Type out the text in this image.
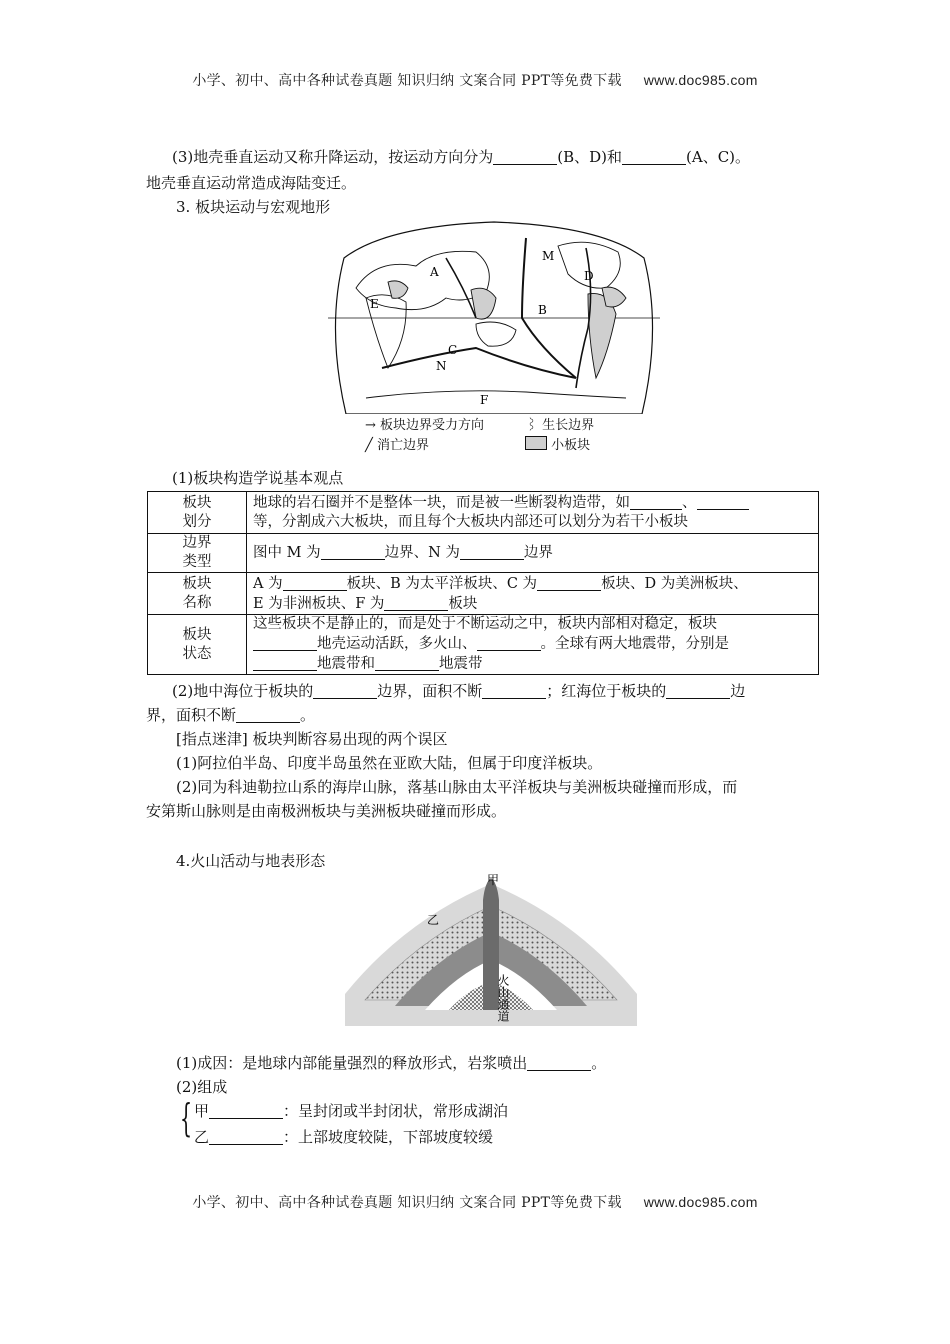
小学、初中、高中各种试卷真题 知识归纳 文案合同 PPT等免费下载 www.doc985.com
(3)地壳垂直运动又称升降运动，按运动方向分为	(B、D)和	(A、C)。
地壳垂直运动常造成海陆变迁。
3. 板块运动与宏观地形
A
B
C
D
E
F
M
N
→ 板块边界受力方向	⌇ 生长边界
╱ 消亡边界	小板块
(1)板块构造学说基本观点
板块
划分	地球的岩石圈并不是整体一块，而是被一些断裂构造带，如 、
等，分割成六大板块，而且每个大板块内部还可以划分为若干小板块
边界
类型	图中 M 为 边界、N 为 边界
板块
名称	A 为 板块、B 为太平洋板块、C 为 板块、D 为美洲板块、
E 为非洲板块、F 为 板块
板块
状态	这些板块不是静止的，而是处于不断运动之中，板块内部相对稳定，板块
地壳运动活跃，多火山、 。全球有两大地震带，分别是
地震带和 地震带
(2)地中海位于板块的	边界，面积不断	；红海位于板块的	边
界，面积不断	。
[指点迷津] 板块判断容易出现的两个误区
(1)阿拉伯半岛、印度半岛虽然在亚欧大陆，但属于印度洋板块。
(2)同为科迪勒拉山系的海岸山脉，落基山脉由太平洋板块与美洲板块碰撞而形成，而
安第斯山脉则是由南极洲板块与美洲板块碰撞而形成。
4.火山活动与地表形态
甲
乙
火山通道
(1)成因：是地球内部能量强烈的释放形式，岩浆喷出	。
(2)组成
{ 甲	：呈封闭或半封闭状，常形成湖泊
乙	：上部坡度较陡，下部坡度较缓
小学、初中、高中各种试卷真题 知识归纳 文案合同 PPT等免费下载 www.doc985.com
